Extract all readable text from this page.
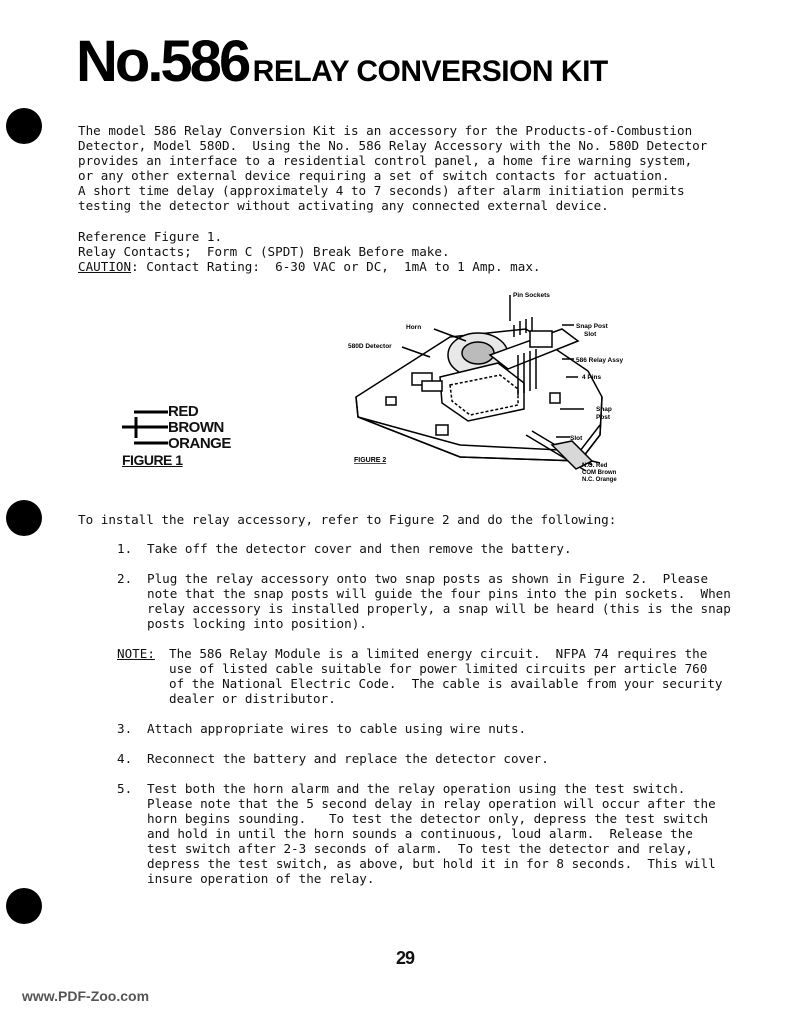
No.586 RELAY CONVERSION KIT

The model 586 Relay Conversion Kit is an accessory for the Products-of-Combustion

Detector, Model 580D.  Using the No. 586 Relay Accessory with the No. 580D Detector

provides an interface to a residential control panel, a home fire warning system,

or any other external device requiring a set of switch contacts for actuation.

A short time delay (approximately 4 to 7 seconds) after alarm initiation permits

testing the detector without activating any connected external device.

Reference Figure 1.

Relay Contacts;  Form C (SPDT) Break Before make.

CAUTION: Contact Rating:  6-30 VAC or DC,  1mA to 1 Amp. max.

RED
BROWN
ORANGE
FIGURE 1
Pin Sockets
Horn
580D Detector
Snap Post
Slot
586 Relay Assy
4 Pins
Snap
Post
Slot
N.O. Red
COM Brown
N.C. Orange
FIGURE 2

To install the relay accessory, refer to Figure 2 and do the following:

1. Take off the detector cover and then remove the battery.

2. Plug the relay accessory onto two snap posts as shown in Figure 2.  Please

note that the snap posts will guide the four pins into the pin sockets.  When

relay accessory is installed properly, a snap will be heard (this is the snap

posts locking into position).

NOTE: The 586 Relay Module is a limited energy circuit.  NFPA 74 requires the

use of listed cable suitable for power limited circuits per article 760

of the National Electric Code.  The cable is available from your security

dealer or distributor.

3. Attach appropriate wires to cable using wire nuts.

4. Reconnect the battery and replace the detector cover.

5. Test both the horn alarm and the relay operation using the test switch.

Please note that the 5 second delay in relay operation will occur after the

horn begins sounding.   To test the detector only, depress the test switch

and hold in until the horn sounds a continuous, loud alarm.  Release the

test switch after 2-3 seconds of alarm.  To test the detector and relay,

depress the test switch, as above, but hold it in for 8 seconds.  This will

insure operation of the relay.

29
www.PDF-Zoo.com
